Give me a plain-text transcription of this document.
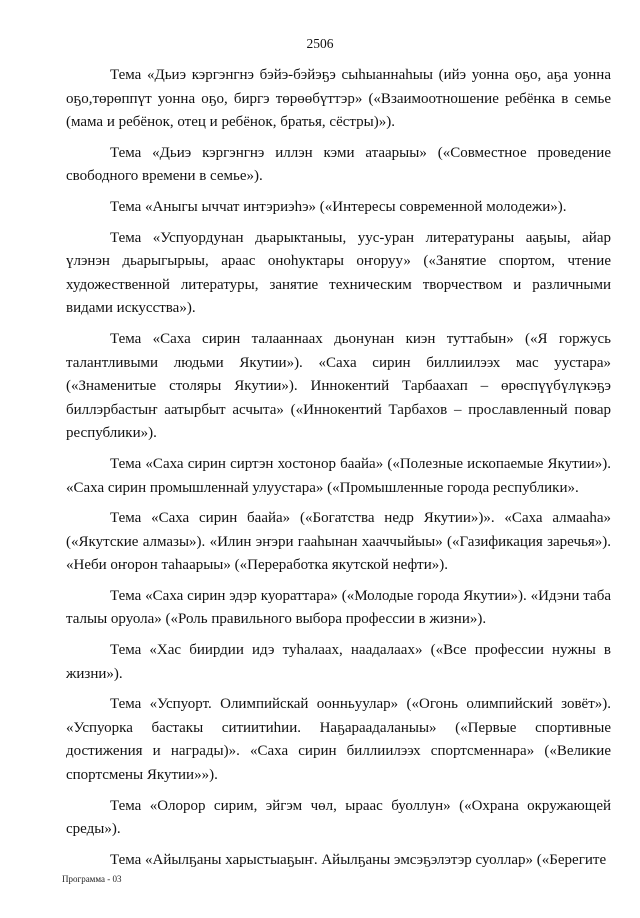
2506

Тема «Дьиэ кэргэнгнэ бэйэ-бэйэҕэ сыһыаннаһыы (ийэ уонна оҕо, аҕа уонна оҕо,төрөппүт уонна оҕо, биргэ төрөөбүттэр» («Взаимоотношение ребёнка в семье (мама и ребёнок, отец и ребёнок, братья, сёстры)»).

Тема «Дьиэ кэргэнгнэ иллэн кэми атаарыы» («Совместное проведение свободного времени в семье»).

Тема «Аныгы ыччат интэриэһэ» («Интересы современной молодежи»).

Тема «Успуордунан дьарыктаныы, уус-уран литератураны ааҕыы, айар үлэнэн дьарыгырыы, араас оноһуктары оҥоруу» («Занятие спортом, чтение художественной литературы, занятие техническим творчеством и различными видами искусства»).

Тема «Саха сирин талааннаах дьонунан киэн туттабын» («Я горжусь талантливыми людьми Якутии»). «Саха сирин биллиилээх мас уустара» («Знаменитые столяры Якутии»). Иннокентий Тарбаахап – өрөспүүбүлүкэҕэ биллэрбастыҥ аатырбыт асчыта» («Иннокентий Тарбахов – прославленный повар республики»).

Тема «Саха сирин сиртэн хостонор баайа» («Полезные ископаемые Якутии»). «Саха сирин промышленнай улуустара» («Промышленные города республики».

Тема «Саха сирин баайа» («Богатства недр Якутии»)». «Саха алмааһа» («Якутские алмазы»). «Илин эҥэри гааһынан хааччыйыы» («Газификация заречья»). «Неби оҥорон таһаарыы» («Переработка якутской нефти»).

Тема «Саха сирин эдэр куораттара» («Молодые города Якутии»). «Идэни таба талыы оруола» («Роль правильного выбора профессии в жизни»).

Тема «Хас биирдии идэ туһалаах, наадалаах» («Все профессии нужны в жизни»).

Тема «Успуорт. Олимпийскай оонньуулар» («Огонь олимпийский зовёт»). «Успуорка бастакы ситиитиһии. Наҕараадаланыы» («Первые спортивные достижения и награды)». «Саха сирин биллиилээх спортсменнара» («Великие спортсмены Якутии»»).

Тема «Олорор сирим, эйгэм чөл, ыраас буоллун» («Охрана окружающей среды»).

Тема «Айылҕаны харыстыаҕыҥ. Айылҕаны эмсэҕэлэтэр суоллар» («Берегите

Программа - 03
